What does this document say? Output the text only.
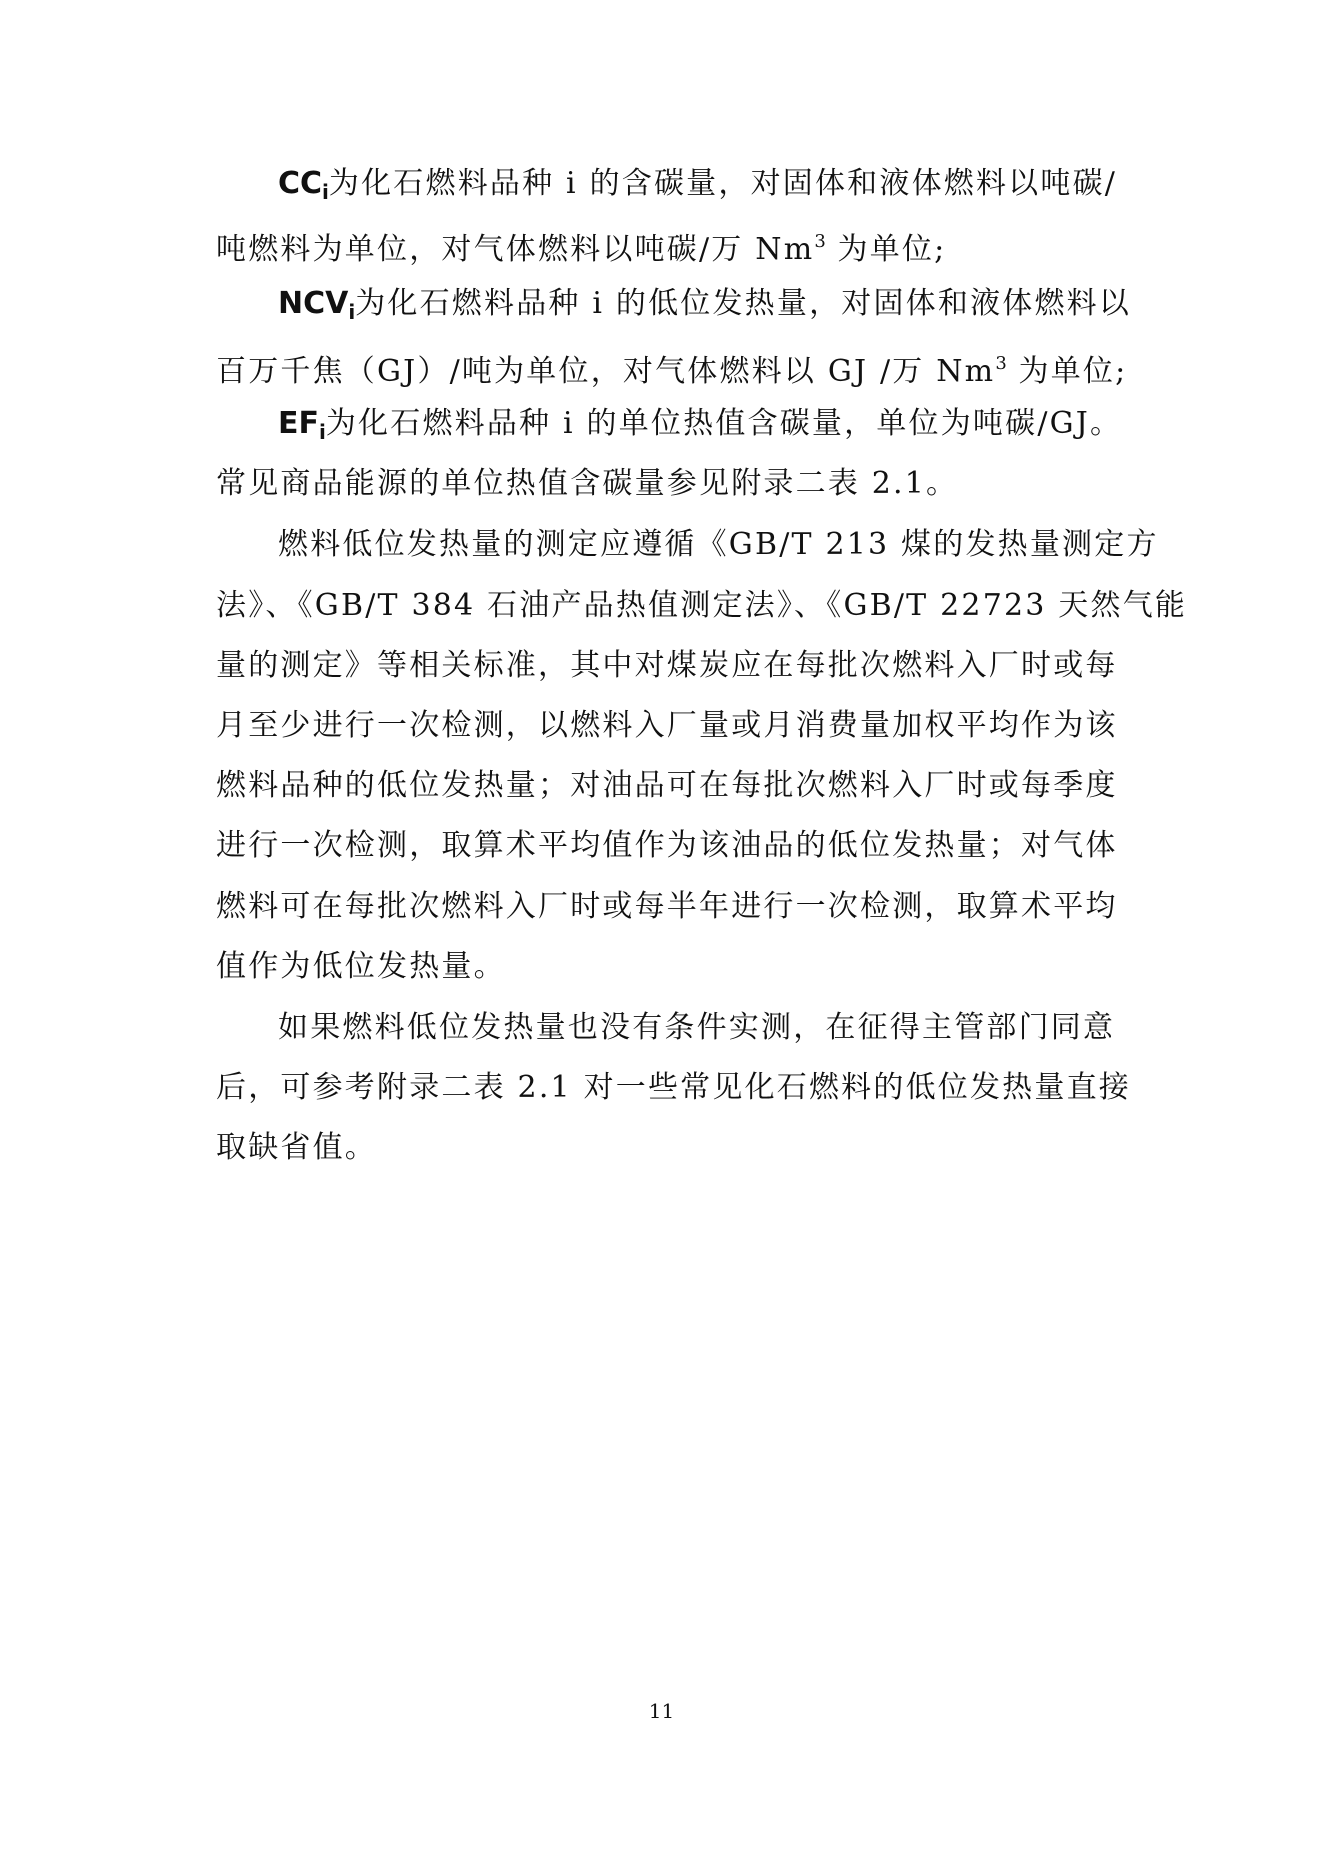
$CC_i$为化石燃料品种 i 的含碳量，对固体和液体燃料以吨碳/
吨燃料为单位，对气体燃料以吨碳/万 Nm$^3$ 为单位;
$NCV_i$为化石燃料品种 i 的低位发热量，对固体和液体燃料以
百万千焦（GJ）/吨为单位，对气体燃料以 GJ /万 Nm$^3$ 为单位;
$EF_i$为化石燃料品种 i 的单位热值含碳量，单位为吨碳/GJ。
常见商品能源的单位热值含碳量参见附录二表 2.1。
燃料低位发热量的测定应遵循《GB/T 213 煤的发热量测定方
法》、《GB/T 384 石油产品热值测定法》、《GB/T 22723 天然气能
量的测定》等相关标准，其中对煤炭应在每批次燃料入厂时或每
月至少进行一次检测，以燃料入厂量或月消费量加权平均作为该
燃料品种的低位发热量；对油品可在每批次燃料入厂时或每季度
进行一次检测，取算术平均值作为该油品的低位发热量；对气体
燃料可在每批次燃料入厂时或每半年进行一次检测，取算术平均
值作为低位发热量。
如果燃料低位发热量也没有条件实测，在征得主管部门同意
后，可参考附录二表 2.1 对一些常见化石燃料的低位发热量直接
取缺省值。
11
